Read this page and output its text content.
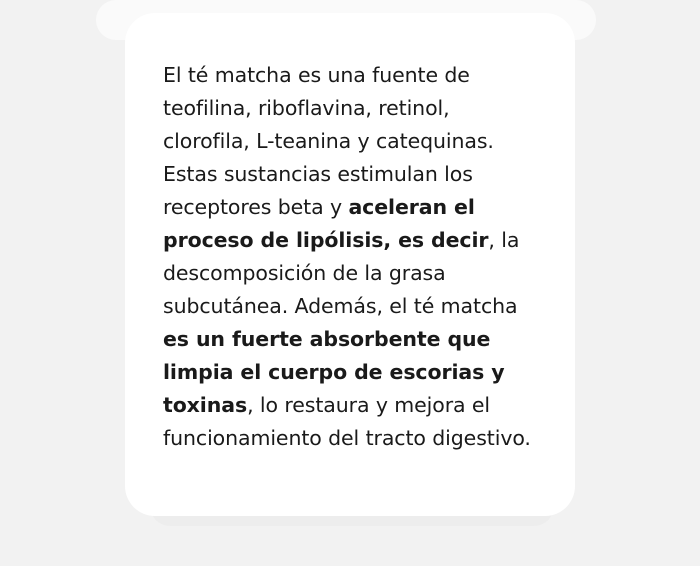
El té matcha es una fuente de teofilina, riboflavina, retinol, clorofila, L-teanina y catequinas. Estas sustancias estimulan los receptores beta y aceleran el proceso de lipólisis, es decir, la descomposición de la grasa subcutánea. Además, el té matcha es un fuerte absorbente que limpia el cuerpo de escorias y toxinas, lo restaura y mejora el funcionamiento del tracto digestivo.
